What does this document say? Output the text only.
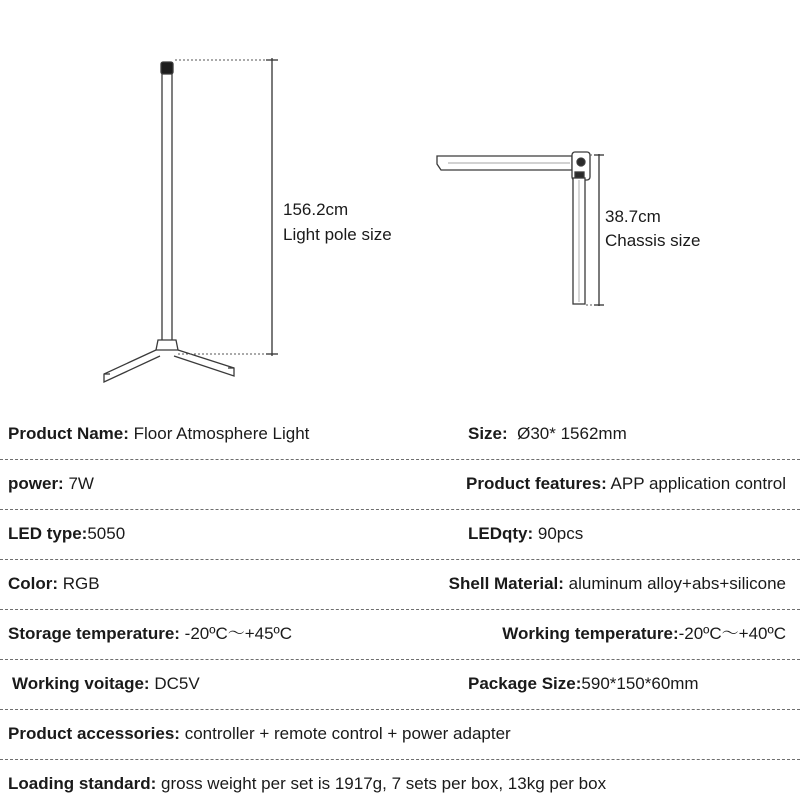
156.2cm
Light pole size
38.7cm
Chassis size
Product Name: Floor Atmosphere Light	Size:  Ø30* 1562mm
power: 7W	Product features: APP application control
LED type:5050	LEDqty: 90pcs
Color: RGB	Shell Material: aluminum alloy+abs+silicone
Storage temperature: -20ºC～+45ºC	Working temperature:-20ºC～+40ºC
Working voitage: DC5V	Package Size:590*150*60mm
Product accessories: controller + remote control + power adapter
Loading standard: gross weight per set is 1917g, 7 sets per box, 13kg per box
